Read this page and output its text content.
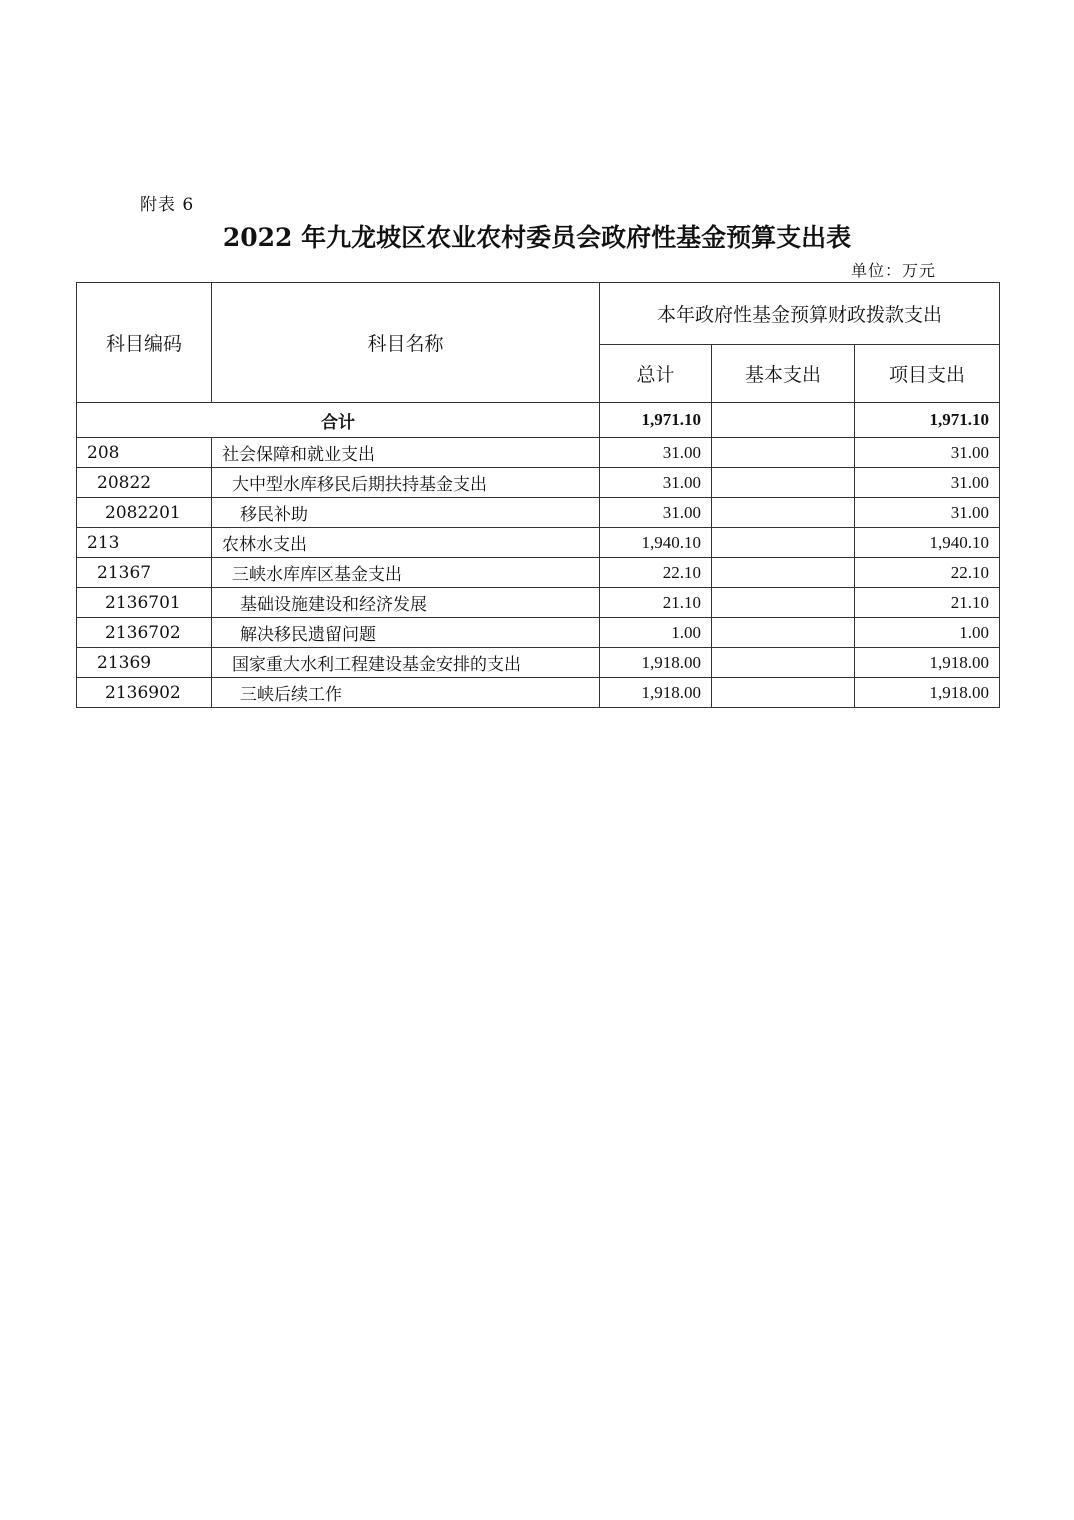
附表 6
2022 年九龙坡区农业农村委员会政府性基金预算支出表
单位：万元
科目编码	科目名称	本年政府性基金预算财政拨款支出		
		总计	基本支出	项目支出
合计		1,971.10		1,971.10
208	社会保障和就业支出	31.00		31.00
20822	大中型水库移民后期扶持基金支出	31.00		31.00
2082201	移民补助	31.00		31.00
213	农林水支出	1,940.10		1,940.10
21367	三峡水库库区基金支出	22.10		22.10
2136701	基础设施建设和经济发展	21.10		21.10
2136702	解决移民遗留问题	1.00		1.00
21369	国家重大水利工程建设基金安排的支出	1,918.00		1,918.00
2136902	三峡后续工作	1,918.00		1,918.00
